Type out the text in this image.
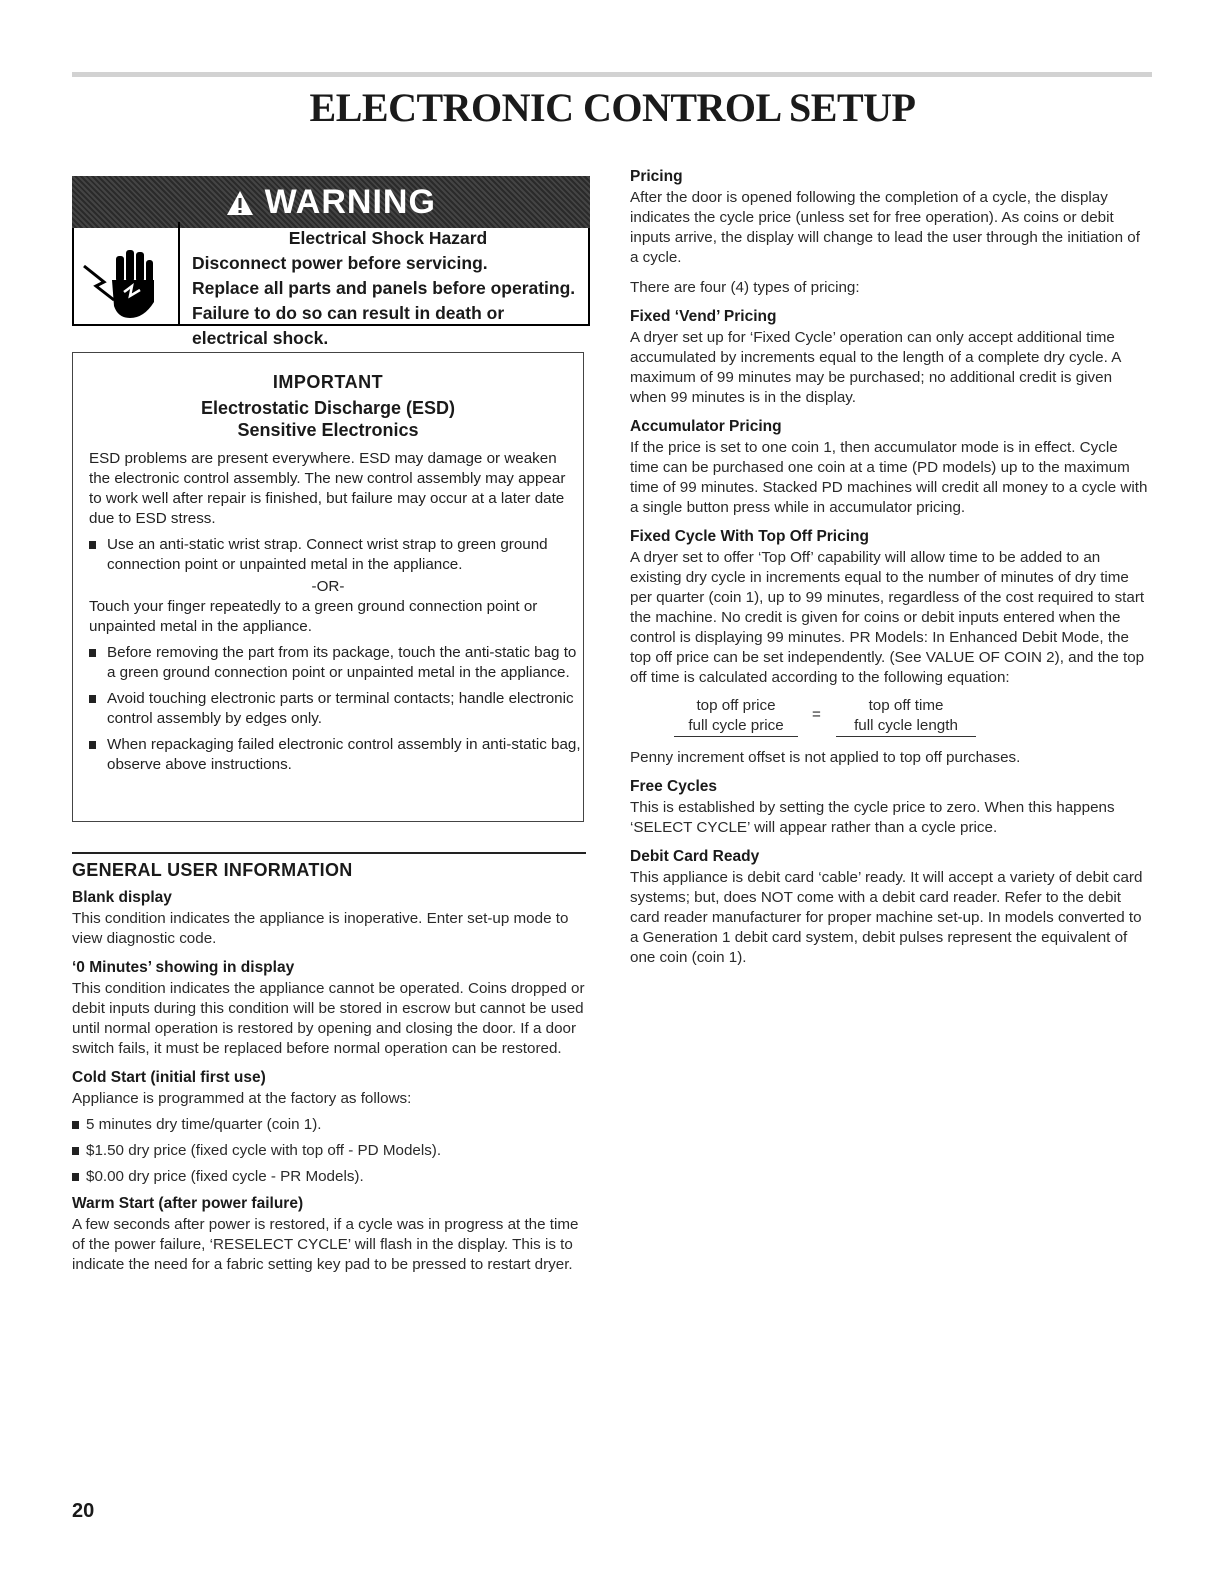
ELECTRONIC CONTROL SETUP
WARNING
Electrical Shock Hazard
Disconnect power before servicing.
Replace all parts and panels before operating.
Failure to do so can result in death or electrical shock.
IMPORTANT
Electrostatic Discharge (ESD)
Sensitive Electronics

ESD problems are present everywhere. ESD may damage or weaken the electronic control assembly. The new control assembly may appear to work well after repair is finished, but failure may occur at a later date due to ESD stress.

Use an anti-static wrist strap. Connect wrist strap to green ground connection point or unpainted metal in the appliance.

-OR-

Touch your finger repeatedly to a green ground connection point or unpainted metal in the appliance.

Before removing the part from its package, touch the anti-static bag to a green ground connection point or unpainted metal in the appliance.
Avoid touching electronic parts or terminal contacts; handle electronic control assembly by edges only.
When repackaging failed electronic control assembly in anti-static bag, observe above instructions.
GENERAL USER INFORMATION
Blank display

This condition indicates the appliance is inoperative. Enter set-up mode to view diagnostic code.

‘0 Minutes’ showing in display

This condition indicates the appliance cannot be operated. Coins dropped or debit inputs during this condition will be stored in escrow but cannot be used until normal operation is restored by opening and closing the door. If a door switch fails, it must be replaced before normal operation can be restored.

Cold Start (initial first use)

Appliance is programmed at the factory as follows:

5 minutes dry time/quarter (coin 1).
$1.50 dry price (fixed cycle with top off - PD Models).
$0.00 dry price (fixed cycle - PR Models).
Warm Start (after power failure)

A few seconds after power is restored, if a cycle was in progress at the time of the power failure, ‘RESELECT CYCLE’ will flash in the display. This is to indicate the need for a fabric setting key pad to be pressed to restart dryer.

Pricing

After the door is opened following the completion of a cycle, the display indicates the cycle price (unless set for free operation). As coins or debit inputs arrive, the display will change to lead the user through the initiation of a cycle.

There are four (4) types of pricing:

Fixed ‘Vend’ Pricing

A dryer set up for ‘Fixed Cycle’ operation can only accept additional time accumulated by increments equal to the length of a complete dry cycle. A maximum of 99 minutes may be purchased; no additional credit is given when 99 minutes is in the display.

Accumulator Pricing

If the price is set to one coin 1, then accumulator mode is in effect. Cycle time can be purchased one coin at a time (PD models) up to the maximum time of 99 minutes. Stacked PD machines will credit all money to a cycle with a single button press while in accumulator pricing.

Fixed Cycle With Top Off Pricing

A dryer set to offer ‘Top Off’ capability will allow time to be added to an existing dry cycle in increments equal to the number of minutes of dry time per quarter (coin 1), up to 99 minutes, regardless of the cost required to start the machine. No credit is given for coins or debit inputs entered when the control is displaying 99 minutes. PR Models: In Enhanced Debit Mode, the top off price can be set independently. (See VALUE OF COIN 2), and the top off time is calculated according to the following equation:

top off price
full cycle price
=
top off time
full cycle length

Penny increment offset is not applied to top off purchases.

Free Cycles

This is established by setting the cycle price to zero. When this happens ‘SELECT CYCLE’ will appear rather than a cycle price.

Debit Card Ready

This appliance is debit card ‘cable’ ready. It will accept a variety of debit card systems; but, does NOT come with a debit card reader. Refer to the debit card reader manufacturer for proper machine set-up. In models converted to a Generation 1 debit card system, debit pulses represent the equivalent of one coin (coin 1).

20
